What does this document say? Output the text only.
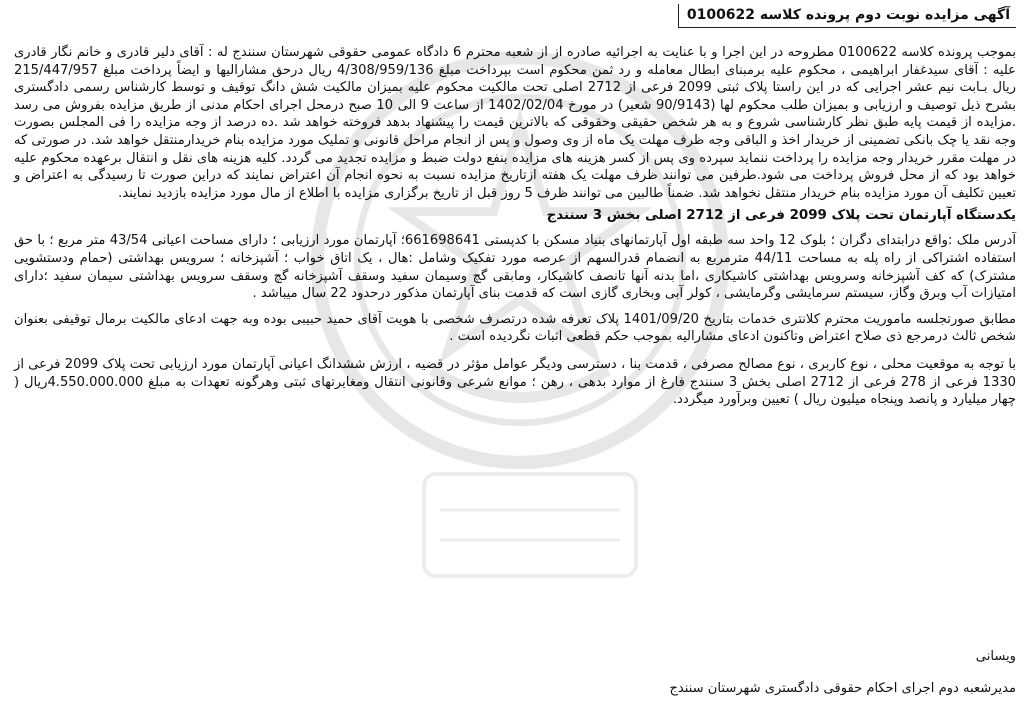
آگهی مزایده نوبت دوم پرونده کلاسه 0100622

بموجب پرونده کلاسه 0100622 مطروحه در این اجرا و با عنایت به اجرائیه صادره از از شعبه محترم 6 دادگاه عمومی حقوقی شهرستان سنندج له : آقای دلیر قادری و خانم نگار قادری علیه : آقای سیدغفار ابراهیمی ، محکوم علیه برمبنای ابطال معامله و رد ثمن محکوم است بپرداخت مبلغ 4/308/959/136 ریال درحق مشارالیها و ایضاً پرداخت مبلغ 215/447/957 ریال بـابت نیم عشر اجرایی که در این راستا پلاک ثبتی 2099 فرعی از 2712 اصلی تحت مالکیت محکوم علیه بمیزان مالکیت شش دانگ توقیف و توسط کارشناس رسمی دادگستری بشرح ذیل توصیف و ارزیابی و بمیزان طلب محکوم لها (90/9143 شعیر) در مورخ 1402/02/04 از ساعت 9 الی 10 صبح درمحل اجرای احکام مدنی از طریق مزایده بفروش می رسد .مزایده از قیمت پایه طبق نظر کارشناسی شروع و به هر شخص حقیقی وحقوقی که بالاترین قیمت را پیشنهاد بدهد فروخته خواهد شد .ده درصد از وجه مزایده را فی المجلس بصورت وجه نقد یا چک بانکی تضمینی از خریدار اخذ و الباقی وجه ظرف مهلت یک ماه از وی وصول و پس از انجام مراحل قانونی و تملیک مورد مزایده بنام خریدارمنتقل خواهد شد. در صورتی که در مهلت مقرر خریدار وجه مزایده را پرداخت ننماید سپرده وی پس از کسر هزینه های مزایده بنفع دولت ضبط و مزایده تجدید می گردد. کلیه هزینه های نقل و انتقال برعهده محکوم علیه خواهد بود که از محل فروش پرداخت می شود.طرفین می توانند ظرف مهلت یک هفته ازتاریخ مزایده نسبت به نحوه انجام آن اعتراض نمایند که دراین صورت تا رسیدگی به اعتراض و تعیین تکلیف آن مورد مزایده بنام خریدار منتقل نخواهد شد. ضمناً طالبین می توانند ظرف 5 روز قبل از تاریخ برگزاری مزایده با اطلاع از مال مورد مزایده بازدید نمایند.

یکدستگاه آپارتمان تحت پلاک 2099 فرعی از 2712 اصلی بخش 3 سنندج

آدرس ملک :واقع درابتدای دگران ؛ بلوک 12 واحد سه طبقه اول آپارتمانهای بنیاد مسکن با کدپستی 661698641؛ آپارتمان مورد ارزیابی ؛ دارای مساحت اعیانی 43/54 متر مربع ؛ با حق استفاده اشتراکی از راه پله به مساحت 44/11 مترمربع به انضمام قدرالسهم از عرصه مورد تفکیک وشامل :هال ، یک اتاق خواب ؛ آشپزخانه ؛ سرویس بهداشتی (حمام ودستشویی مشترک) که کف آشپزخانه وسرویس بهداشتی کاشیکاری ،اما بدنه آنها تانصف کاشیکار، ومابقی گچ وسیمان سفید وسقف آشپزخانه گچ وسقف سرویس بهداشتی سیمان سفید ؛دارای امتیازات آب وبرق وگاز، سیستم سرمایشی وگرمایشی ، کولر آبی وبخاری گازی است که قدمت بنای آپارتمان مذکور درحدود 22 سال میباشد .

مطابق صورتجلسه ماموریت محترم کلانتری خدمات بتاریخ 1401/09/20 پلاک تعرفه شده درتصرف شخصی با هویت آقای حمید حبیبی بوده وبه جهت ادعای مالکیت برمال توقیفی بعنوان شخص ثالث درمرجع ذی صلاح اعتراض وتاکنون ادعای مشارالیه بموجب حکم قطعی اثبات نگردیده است .

با توجه به موقعیت محلی ، نوع کاربری ، نوع مصالح مصرفی ، قدمت بنا ، دسترسی ودیگر عوامل مؤثر در قضیه ، ارزش ششدانگ اعیانی آپارتمان مورد ارزیابی تحت پلاک 2099 فرعی از 1330 فرعی از 278 فرعی از 2712 اصلی بخش 3 سنندج فارغ از موارد بدهی ، رهن ؛ موانع شرعی وقانونی انتقال ومغایرتهای ثبتی وهرگونه تعهدات به مبلغ 4.550.000.000ریال ( چهار میلیارد و پانصد وپنجاه میلیون ریال ) تعیین وبرآورد میگردد.

ویسانی
مدیرشعبه دوم اجرای احکام حقوقی دادگستری شهرستان سنندج
